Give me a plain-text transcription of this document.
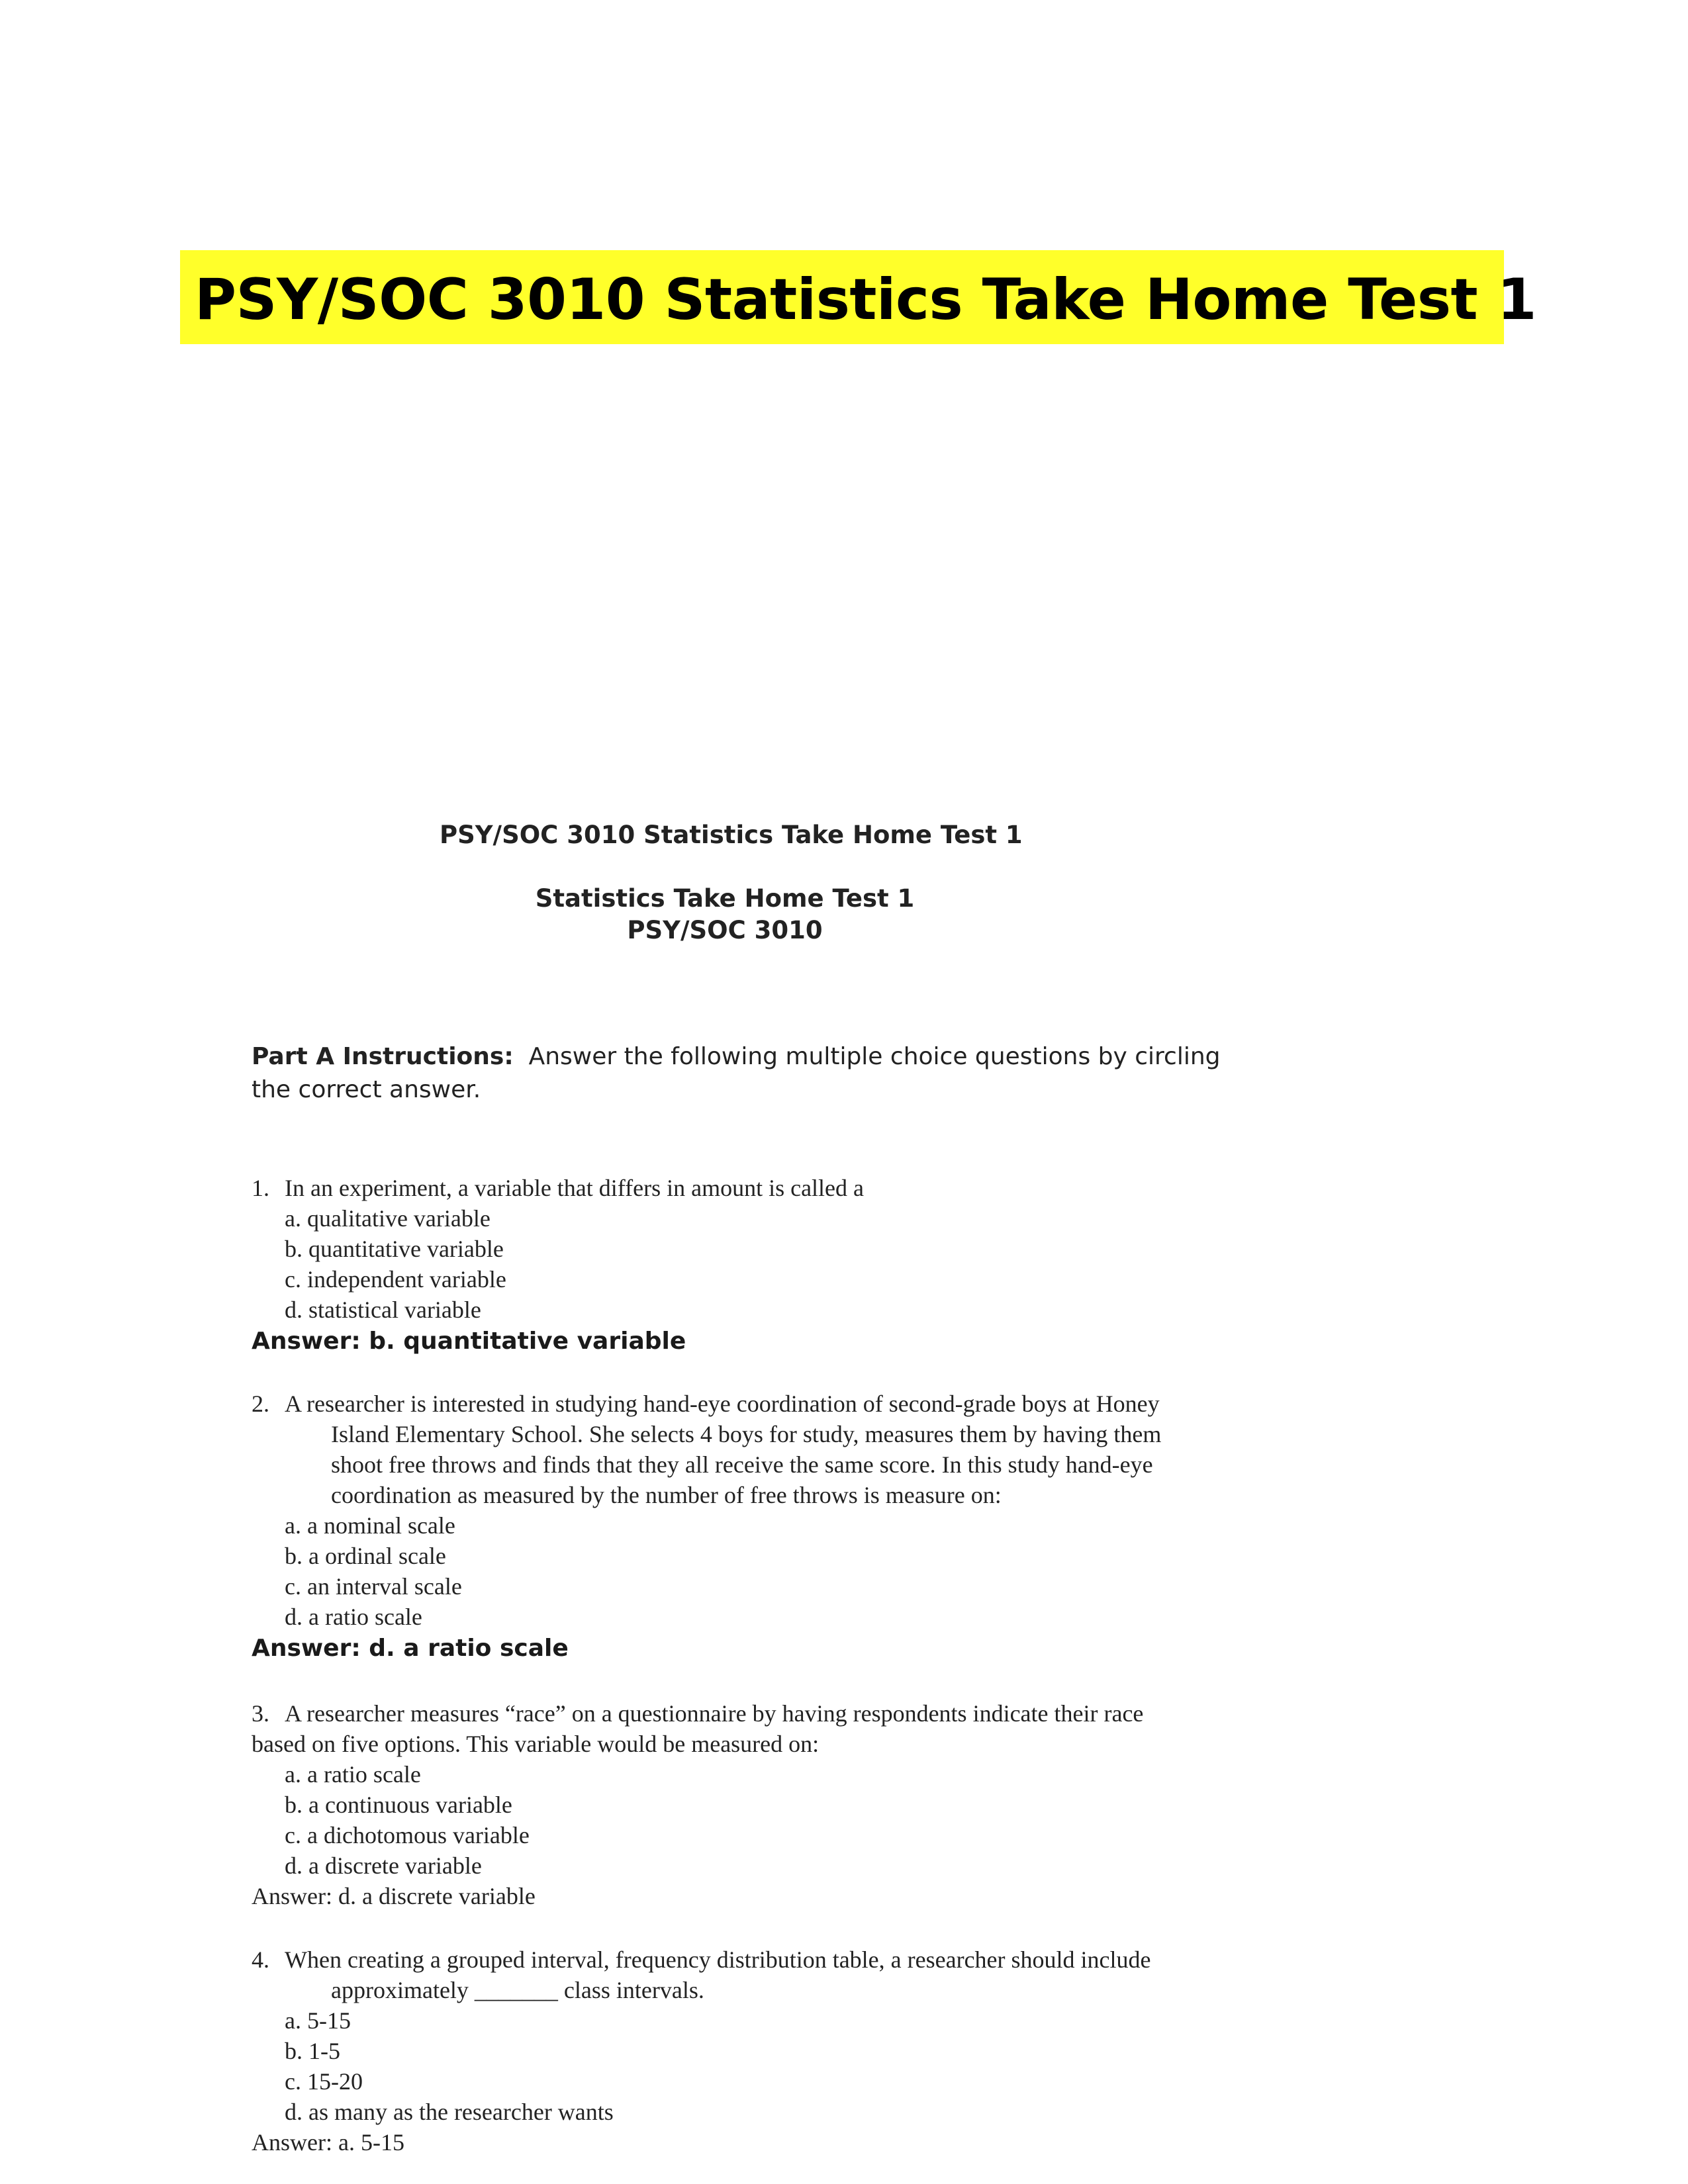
PSY/SOC 3010 Statistics Take Home Test 1
PSY/SOC 3010 Statistics Take Home Test 1
Statistics Take Home Test 1
PSY/SOC 3010
Part A Instructions: Answer the following multiple choice questions by circling
the correct answer.
1. In an experiment, a variable that differs in amount is called a
a. qualitative variable
b. quantitative variable
c. independent variable
d. statistical variable
Answer: b. quantitative variable
2. A researcher is interested in studying hand-eye coordination of second-grade boys at Honey
Island Elementary School. She selects 4 boys for study, measures them by having them
shoot free throws and finds that they all receive the same score. In this study hand-eye
coordination as measured by the number of free throws is measure on:
a. a nominal scale
b. a ordinal scale
c. an interval scale
d. a ratio scale
Answer: d. a ratio scale
3. A researcher measures “race” on a questionnaire by having respondents indicate their race
based on five options. This variable would be measured on:
a. a ratio scale
b. a continuous variable
c. a dichotomous variable
d. a discrete variable
Answer: d. a discrete variable
4. When creating a grouped interval, frequency distribution table, a researcher should include
approximately _______ class intervals.
a. 5-15
b. 1-5
c. 15-20
d. as many as the researcher wants
Answer: a. 5-15
